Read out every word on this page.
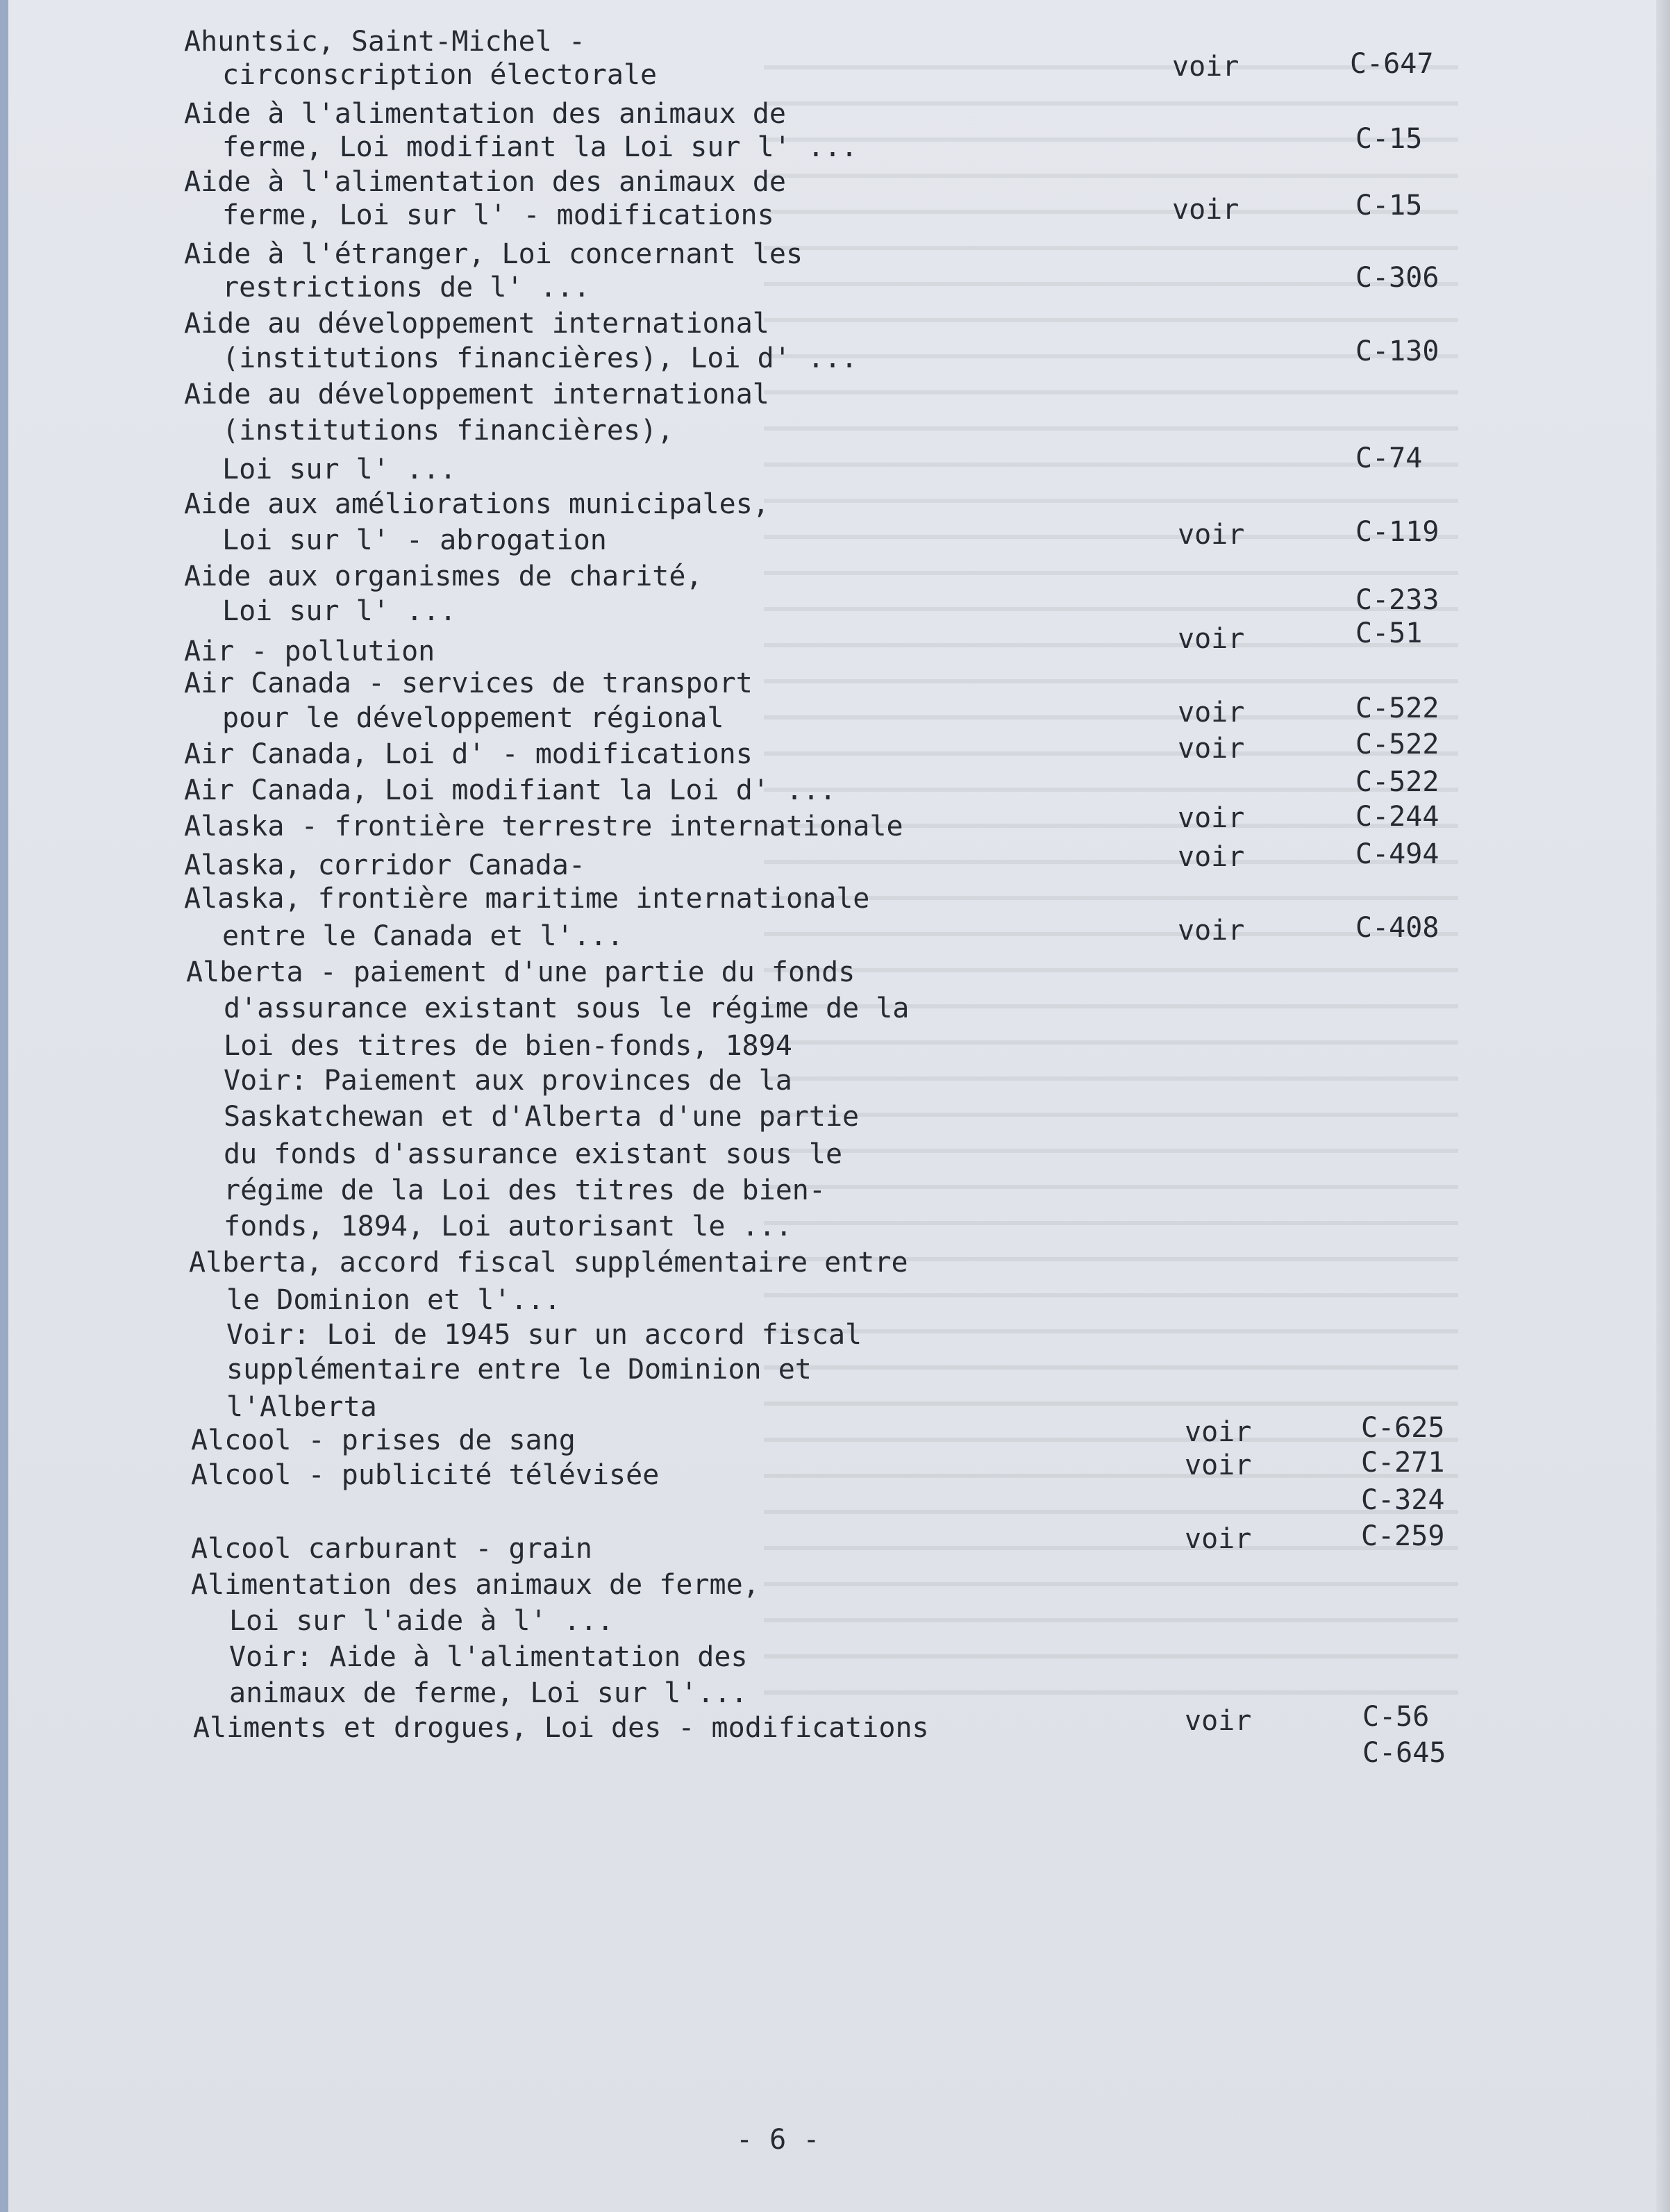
Ahuntsic, Saint-Michel -
circonscription électorale	voir	C-647
Aide à l'alimentation des animaux de
ferme, Loi modifiant la Loi sur l' ...	C-15
Aide à l'alimentation des animaux de
ferme, Loi sur l' - modifications	voir	C-15
Aide à l'étranger, Loi concernant les
restrictions de l' ...	C-306
Aide au développement international
(institutions financières), Loi d' ...	C-130
Aide au développement international
(institutions financières),
Loi sur l' ...	C-74
Aide aux améliorations municipales,
Loi sur l' - abrogation	voir	C-119
Aide aux organismes de charité,
Loi sur l' ...	C-233
Air - pollution	voir	C-51
Air Canada - services de transport
pour le développement régional	voir	C-522
Air Canada, Loi d' - modifications	voir	C-522
Air Canada, Loi modifiant la Loi d' ...	C-522
Alaska - frontière terrestre internationale	voir	C-244
Alaska, corridor Canada-	voir	C-494
Alaska, frontière maritime internationale
entre le Canada et l'...	voir	C-408
Alberta - paiement d'une partie du fonds
d'assurance existant sous le régime de la
Loi des titres de bien-fonds, 1894
Voir: Paiement aux provinces de la
Saskatchewan et d'Alberta d'une partie
du fonds d'assurance existant sous le
régime de la Loi des titres de bien-
fonds, 1894, Loi autorisant le ...
Alberta, accord fiscal supplémentaire entre
le Dominion et l'...
Voir: Loi de 1945 sur un accord fiscal
supplémentaire entre le Dominion et
l'Alberta
Alcool - prises de sang	voir	C-625
Alcool - publicité télévisée	voir	C-271
C-324
Alcool carburant - grain	voir	C-259
Alimentation des animaux de ferme,
Loi sur l'aide à l' ...
Voir: Aide à l'alimentation des
animaux de ferme, Loi sur l'...
Aliments et drogues, Loi des - modifications	voir	C-56
C-645
- 6 -
